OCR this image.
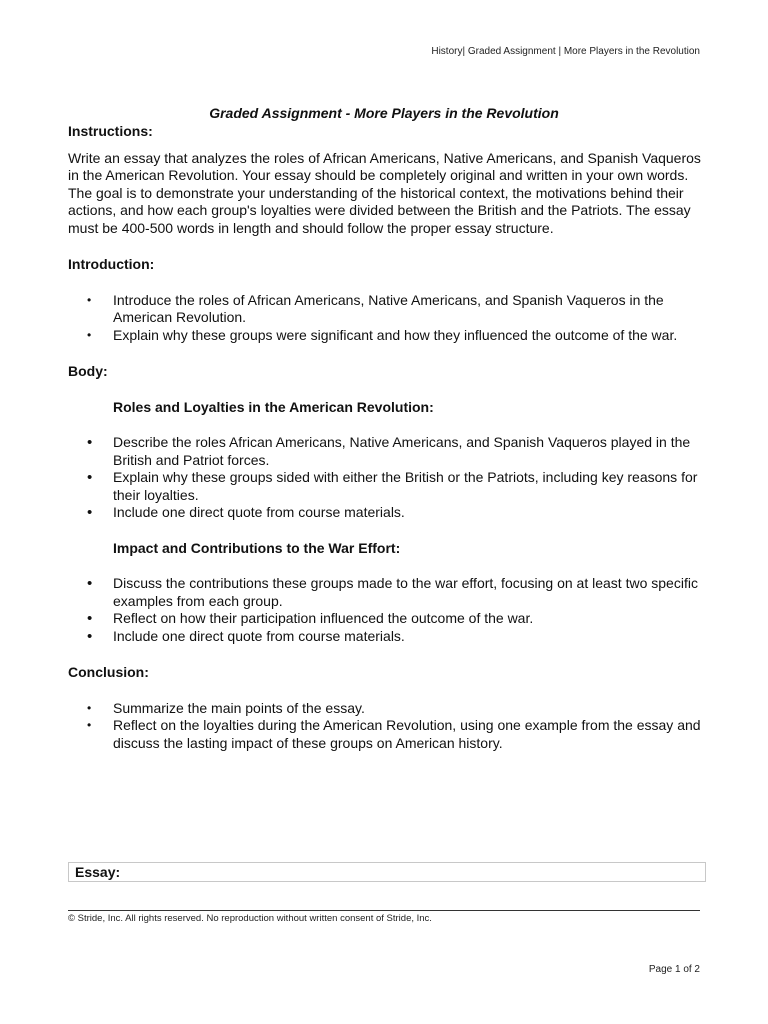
History| Graded Assignment | More Players in the Revolution
Graded Assignment - More Players in the Revolution
Instructions:
Write an essay that analyzes the roles of African Americans, Native Americans, and Spanish Vaqueros in the American Revolution. Your essay should be completely original and written in your own words. The goal is to demonstrate your understanding of the historical context, the motivations behind their actions, and how each group's loyalties were divided between the British and the Patriots. The essay must be 400-500 words in length and should follow the proper essay structure.
Introduction:
• Introduce the roles of African Americans, Native Americans, and Spanish Vaqueros in the American Revolution.
• Explain why these groups were significant and how they influenced the outcome of the war.
Body:
Roles and Loyalties in the American Revolution:
• Describe the roles African Americans, Native Americans, and Spanish Vaqueros played in the British and Patriot forces.
• Explain why these groups sided with either the British or the Patriots, including key reasons for their loyalties.
• Include one direct quote from course materials.
Impact and Contributions to the War Effort:
• Discuss the contributions these groups made to the war effort, focusing on at least two specific examples from each group.
• Reflect on how their participation influenced the outcome of the war.
• Include one direct quote from course materials.
Conclusion:
• Summarize the main points of the essay.
• Reflect on the loyalties during the American Revolution, using one example from the essay and discuss the lasting impact of these groups on American history.
Essay:
© Stride, Inc. All rights reserved. No reproduction without written consent of Stride, Inc.
Page 1 of 2
